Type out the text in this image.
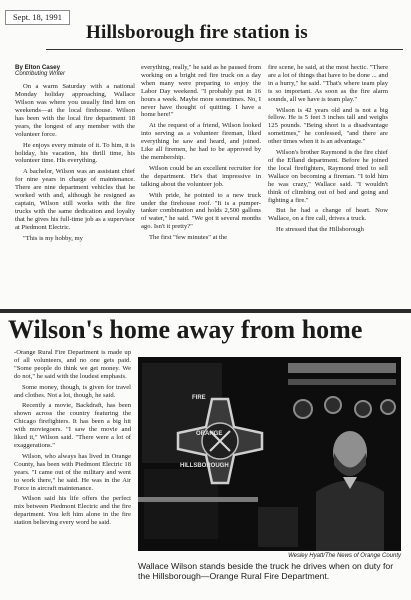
Sept. 18, 1991
Hillsborough fire station is

By Elton Casey

Contributing Writer

On a warm Saturday with a national Monday holiday approaching, Wallace Wilson was where you usually find him on weekends—at the local firehouse. Wilson has been with the local fire department 18 years, the longest of any member with the volunteer force.

He enjoys every minute of it. To him, it is holiday, his vacation, his thrill time, his volunteer time. His everything.

A bachelor, Wilson was an assistant chief for nine years in charge of maintenance. There are nine department vehicles that he worked with and, although he resigned as captain, Wilson still works with the fire trucks with the same dedication and loyalty that he gives his full-time job as a supervisor at Piedmont Electric.

"This is my hobby, my

everything, really," he said as he paused from working on a bright red fire truck on a day when many were preparing to enjoy the Labor Day weekend. "I probably put in 16 hours a week. Maybe more sometimes. No, I never have thought of quitting. I have a home here!"

At the request of a friend, Wilson looked into serving as a volunteer fireman, liked everything he saw and heard, and joined. Like all firemen, he had to be approved by the membership.

Wilson could be an excellent recruiter for the department. He's that impressive in talking about the volunteer job.

With pride, he pointed to a new truck under the firehouse roof. "It is a pumper-tanker combination and holds 2,500 gallons of water," he said. "We got it several months ago. Isn't it pretty?"

The first "few minutes" at the

fire scene, he said, at the most hectic. "There are a lot of things that have to be done ... and in a hurry," he said. "That's where team play is so important. As soon as the fire alarm sounds, all we have is team play."

Wilson is 42 years old and is not a big fellow. He is 5 feet 3 inches tall and weighs 125 pounds. "Being short is a disadvantage sometimes," he confessed, "and there are other times when it is an advantage."

Wilson's brother Raymond is the fire chief of the Efland department. Before he joined the local firefighters, Raymond tried to sell Wallace on becoming a fireman. "I told him he was crazy," Wallace said. "I wouldn't think of climbing out of bed and going and fighting a fire."

But he had a change of heart. Now Wallace, on a fire call, drives a truck.

He stressed that the Hillsborough

Wilson's home away from home

-Orange Rural Fire Department is made up of all volunteers, and no one gets paid. "Some people do think we get money. We do not," he said with the loudest emphasis.

Some money, though, is given for travel and clothes. Not a lot, though, he said.

Recently a movie, Backdraft, has been shown across the country featuring the Chicago firefighters. It has been a big hit with moviegoers. "I saw the movie and liked it," Wilson said. "There were a lot of exaggerations."

Wilson, who always has lived in Orange County, has been with Piedmont Electric 18 years. "I came out of the military and went to work there," he said. He was in the Air Force in aircraft maintenance.

Wilson said his life offers the perfect mix between Piedmont Electric and the fire department. You left him alone in the fire station believing every word he said.

FIRE
ORANGE
HILLSBOROUGH
Wesley Hyatt/The News of Orange County
Wallace Wilson stands beside the truck he drives when on duty for the Hillsborough—Orange Rural Fire Department.
